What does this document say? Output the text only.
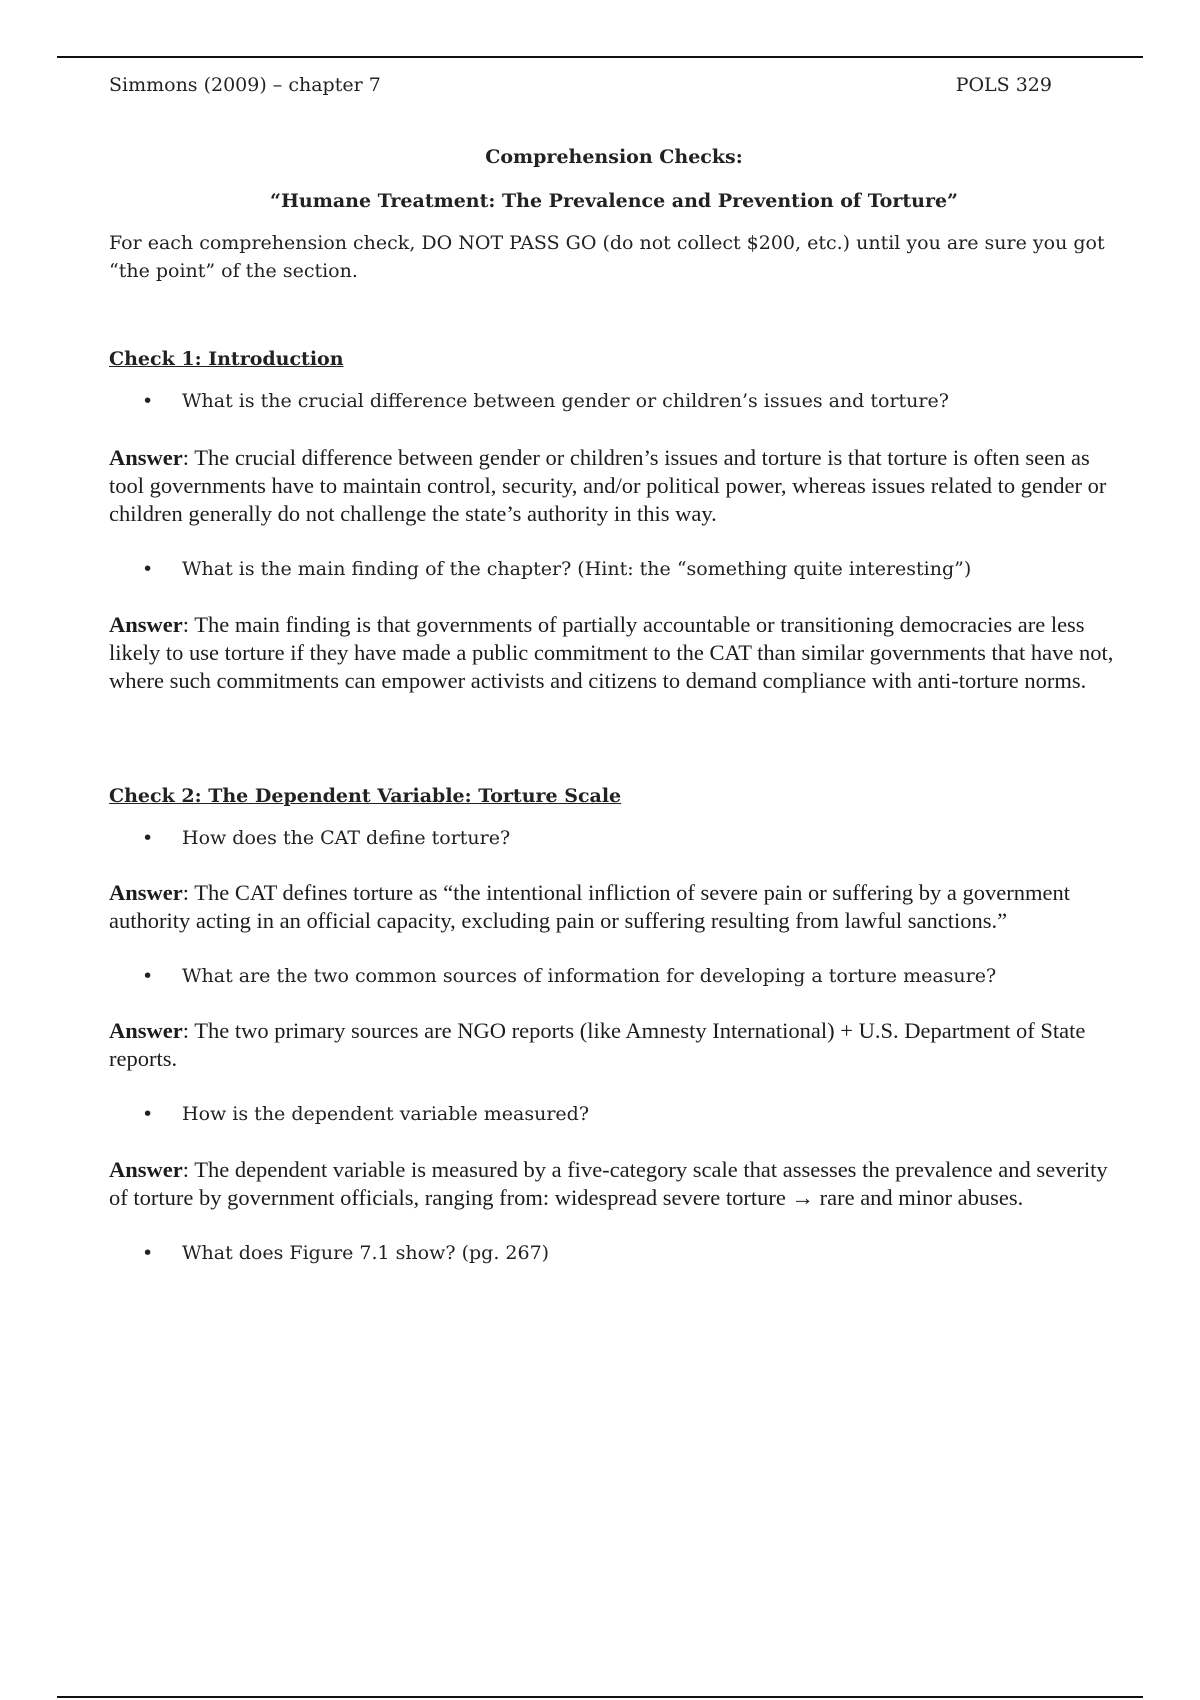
Simmons (2009) – chapter 7	POLS 329
Comprehension Checks:
“Humane Treatment: The Prevalence and Prevention of Torture”
For each comprehension check, DO NOT PASS GO (do not collect $200, etc.) until you are sure you got “the point” of the section.
Check 1: Introduction
• What is the crucial difference between gender or children’s issues and torture?
Answer: The crucial difference between gender or children’s issues and torture is that torture is often seen as tool governments have to maintain control, security, and/or political power, whereas issues related to gender or children generally do not challenge the state’s authority in this way.
• What is the main finding of the chapter? (Hint: the “something quite interesting”)
Answer: The main finding is that governments of partially accountable or transitioning democracies are less likely to use torture if they have made a public commitment to the CAT than similar governments that have not, where such commitments can empower activists and citizens to demand compliance with anti-torture norms.
Check 2: The Dependent Variable: Torture Scale
• How does the CAT define torture?
Answer: The CAT defines torture as “the intentional infliction of severe pain or suffering by a government authority acting in an official capacity, excluding pain or suffering resulting from lawful sanctions.”
• What are the two common sources of information for developing a torture measure?
Answer: The two primary sources are NGO reports (like Amnesty International) + U.S. Department of State reports.
• How is the dependent variable measured?
Answer: The dependent variable is measured by a five-category scale that assesses the prevalence and severity of torture by government officials, ranging from: widespread severe torture → rare and minor abuses.
• What does Figure 7.1 show? (pg. 267)
